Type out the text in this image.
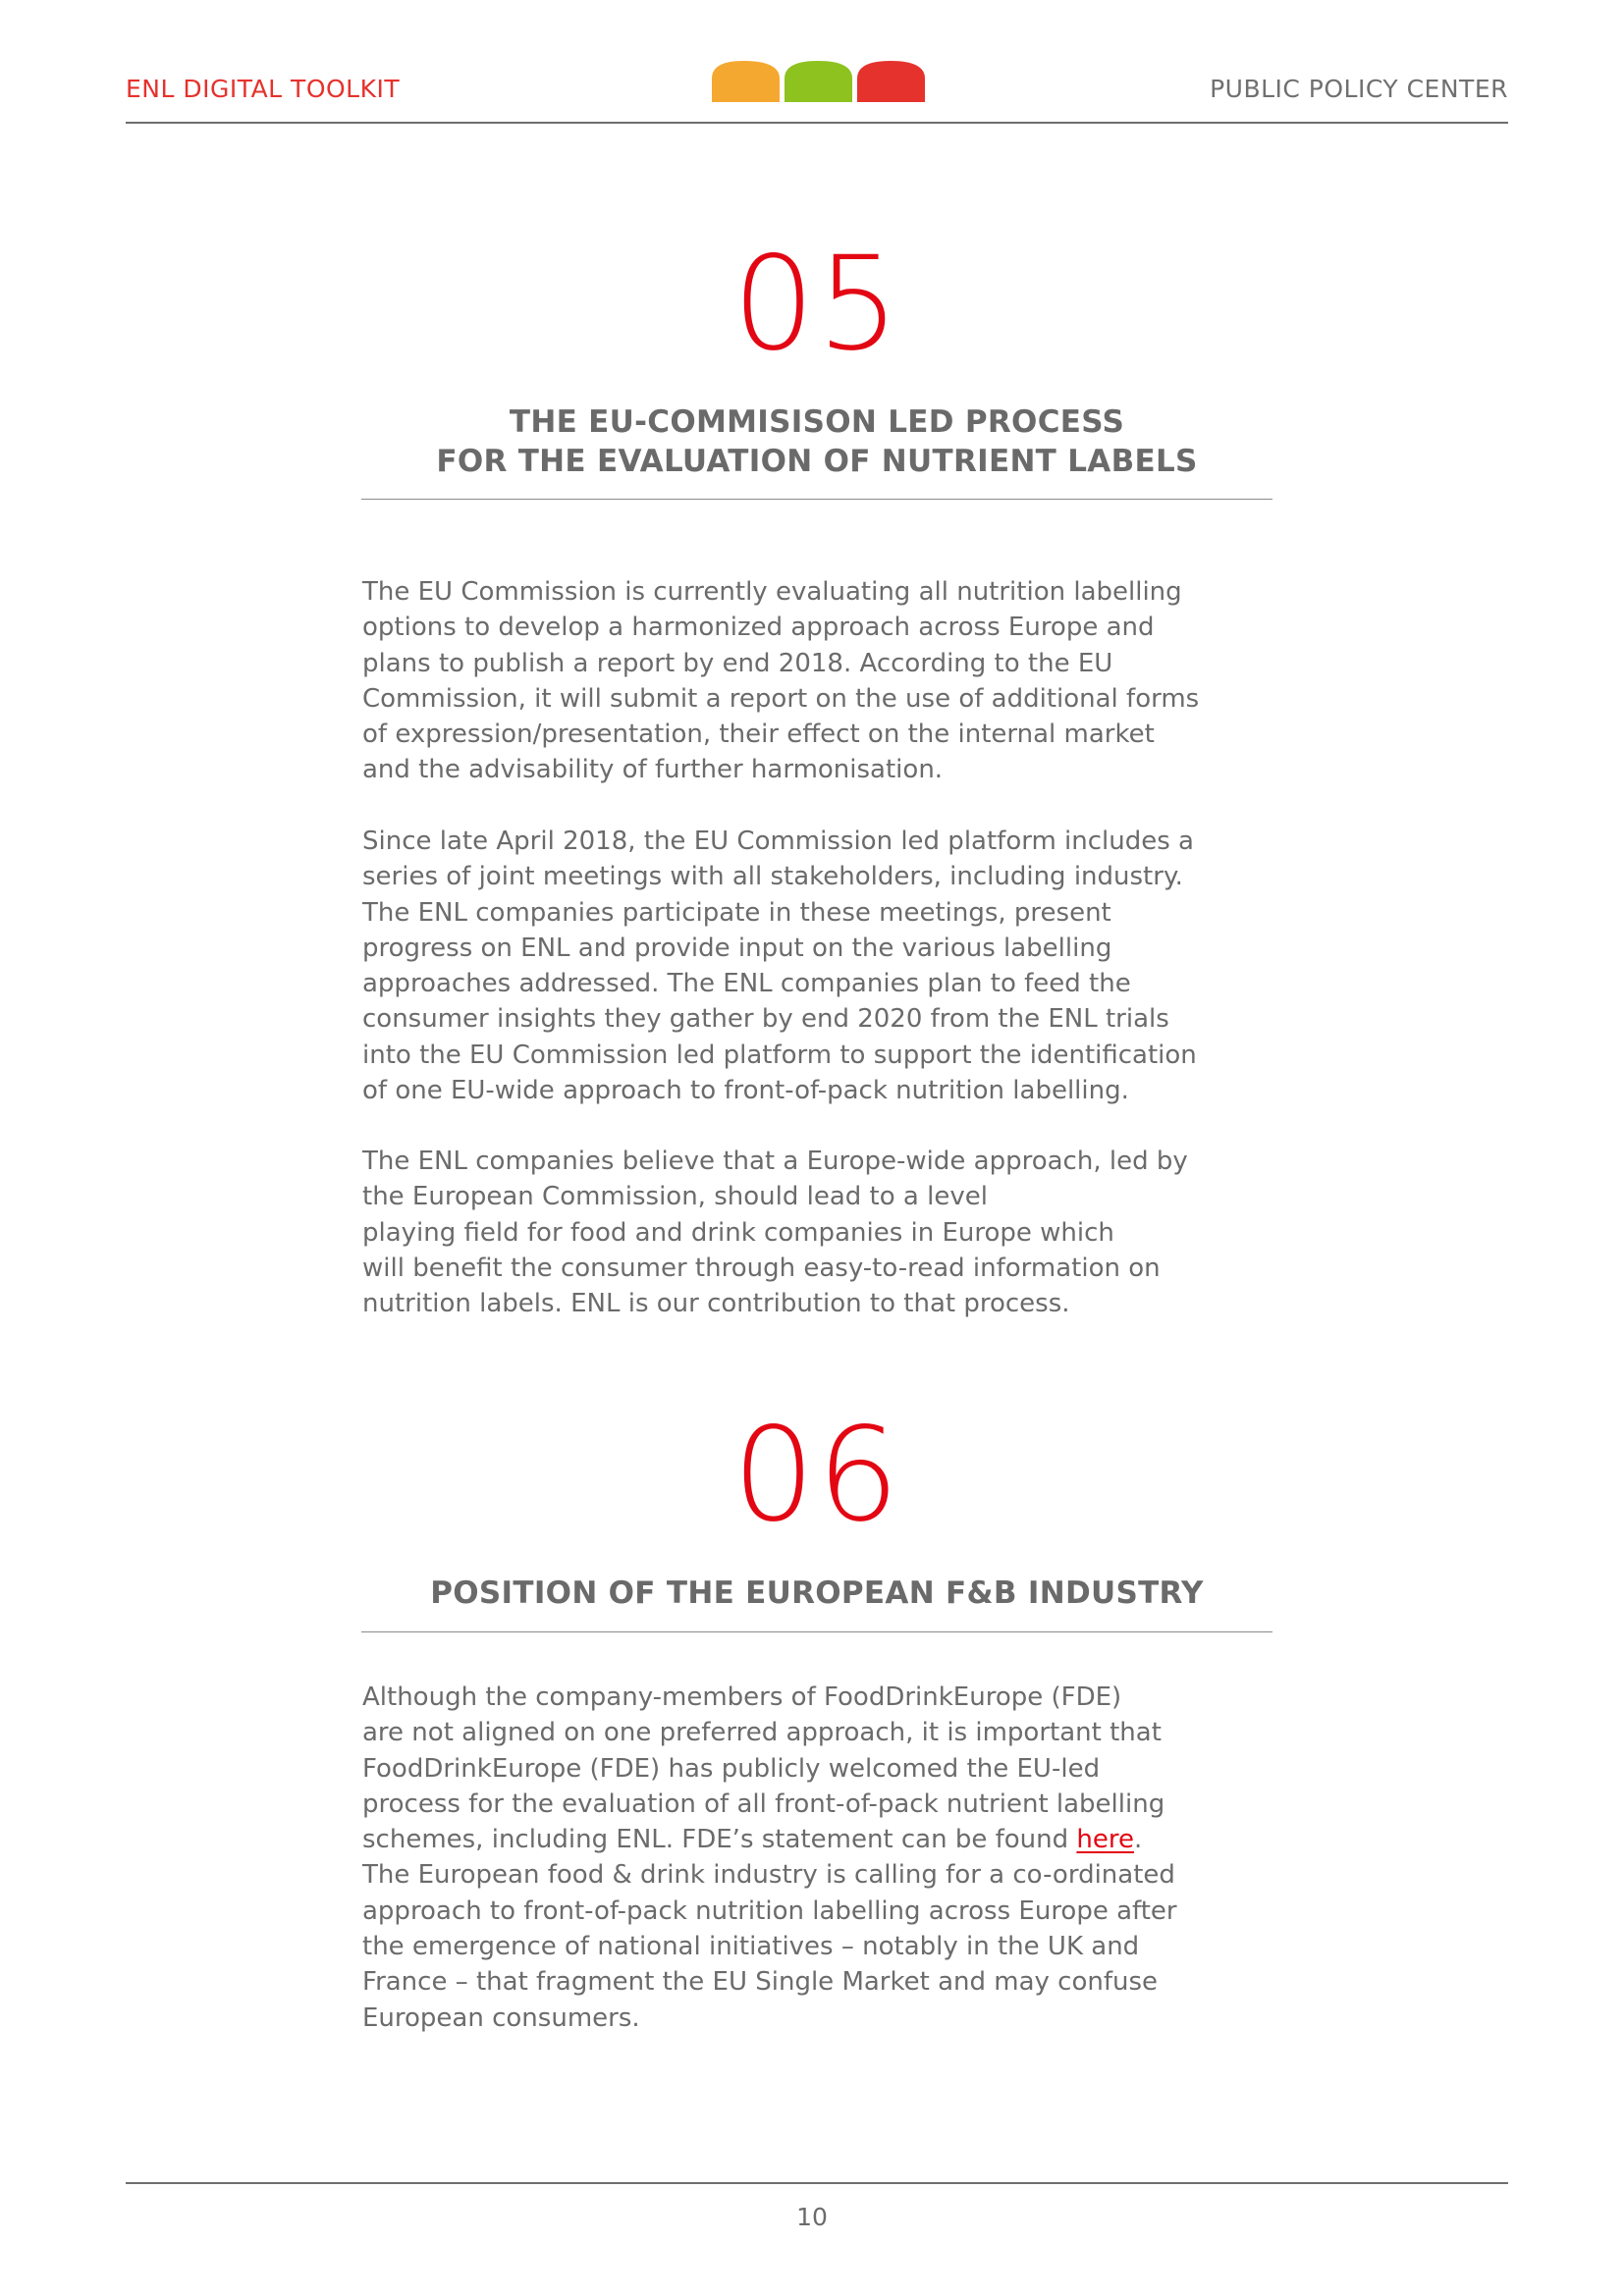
ENL DIGITAL TOOLKIT	PUBLIC POLICY CENTER
05
THE EU-COMMISISON LED PROCESS
FOR THE EVALUATION OF NUTRIENT LABELS

The EU Commission is currently evaluating all nutrition labelling
options to develop a harmonized approach across Europe and
plans to publish a report by end 2018. According to the EU
Commission, it will submit a report on the use of additional forms
of expression/presentation, their effect on the internal market
and the advisability of further harmonisation.

Since late April 2018, the EU Commission led platform includes a
series of joint meetings with all stakeholders, including industry.
The ENL companies participate in these meetings, present
progress on ENL and provide input on the various labelling
approaches addressed. The ENL companies plan to feed the
consumer insights they gather by end 2020 from the ENL trials
into the EU Commission led platform to support the identification
of one EU-wide approach to front-of-pack nutrition labelling.

The ENL companies believe that a Europe-wide approach, led by
the European Commission, should lead to a level
playing field for food and drink companies in Europe which
will benefit the consumer through easy-to-read information on
nutrition labels. ENL is our contribution to that process.

06
POSITION OF THE EUROPEAN F&B INDUSTRY

Although the company-members of FoodDrinkEurope (FDE)
are not aligned on one preferred approach, it is important that
FoodDrinkEurope (FDE) has publicly welcomed the EU-led
process for the evaluation of all front-of-pack nutrient labelling
schemes, including ENL. FDE’s statement can be found here.
The European food & drink industry is calling for a co-ordinated
approach to front-of-pack nutrition labelling across Europe after
the emergence of national initiatives – notably in the UK and
France – that fragment the EU Single Market and may confuse
European consumers.

10
